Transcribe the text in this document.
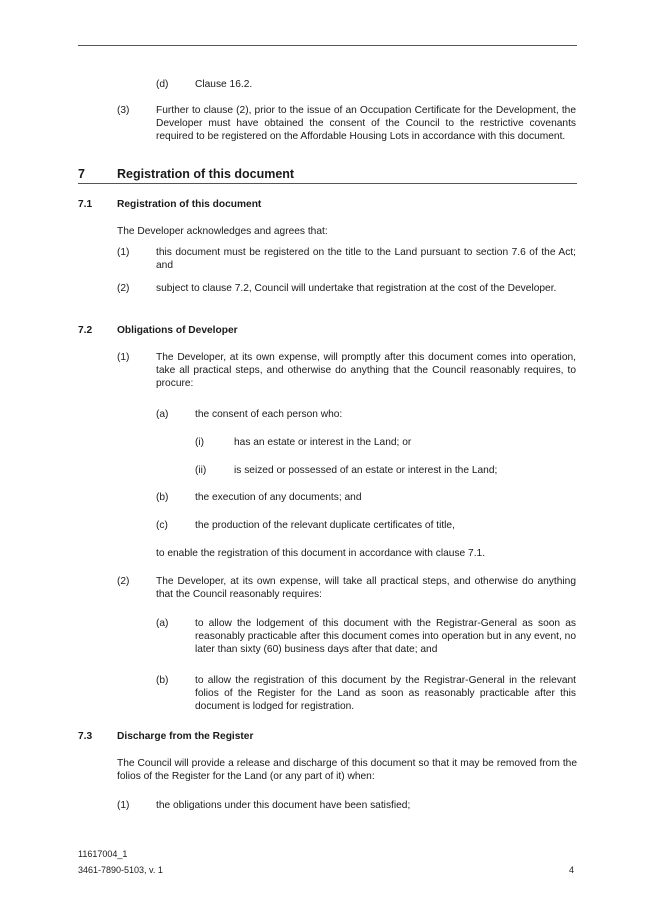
(d)	Clause 16.2.
(3)	Further to clause (2), prior to the issue of an Occupation Certificate for the Development, the Developer must have obtained the consent of the Council to the restrictive covenants required to be registered on the Affordable Housing Lots in accordance with this document.

7	Registration of this document
7.1 Registration of this document

The Developer acknowledges and agrees that:

(1)	this document must be registered on the title to the Land pursuant to section 7.6 of the Act; and

(2)	subject to clause 7.2, Council will undertake that registration at the cost of the Developer.

7.2 Obligations of Developer
(1)	The Developer, at its own expense, will promptly after this document comes into operation, take all practical steps, and otherwise do anything that the Council reasonably requires, to procure:

(a)	the consent of each person who:
(i)	has an estate or interest in the Land; or
(ii)	is seized or possessed of an estate or interest in the Land;
(b)	the execution of any documents; and
(c)	the production of the relevant duplicate certificates of title,

to enable the registration of this document in accordance with clause 7.1.

(2)	The Developer, at its own expense, will take all practical steps, and otherwise do anything that the Council reasonably requires:

(a)	to allow the lodgement of this document with the Registrar-General as soon as reasonably practicable after this document comes into operation but in any event, no later than sixty (60) business days after that date; and

(b)	to allow the registration of this document by the Registrar-General in the relevant folios of the Register for the Land as soon as reasonably practicable after this document is lodged for registration.

7.3 Discharge from the Register

The Council will provide a release and discharge of this document so that it may be removed from the folios of the Register for the Land (or any part of it) when:

(1)	the obligations under this document have been satisfied;
11617004_1
3461-7890-5103, v. 1	4
